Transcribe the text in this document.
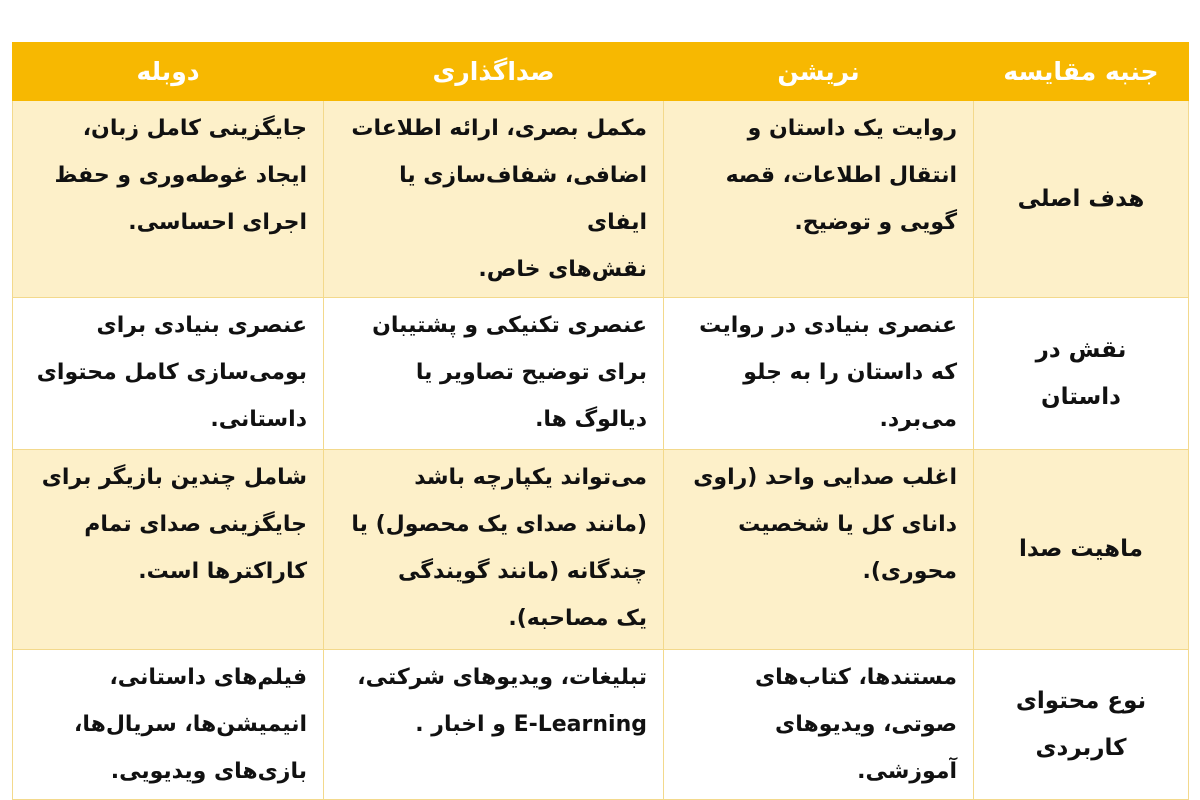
جنبه مقایسه	نریشن	صداگذاری	دوبله

هدف اصلی	روایت یک داستان و
انتقال اطلاعات، قصه
گویی و توضیح.	مکمل بصری، ارائه اطلاعات
اضافی، شفاف‌سازی یا ایفای
نقش‌های خاص.	جایگزینی کامل زبان،
ایجاد غوطه‌وری و حفظ
اجرای احساسی.

نقش در
داستان	عنصری بنیادی در روایت
که داستان را به جلو
می‌برد.	عنصری تکنیکی و پشتیبان
برای توضیح تصاویر یا
دیالوگ ها.	عنصری بنیادی برای
بومی‌سازی کامل محتوای
داستانی.

ماهیت صدا	اغلب صدایی واحد (راوی
دانای کل یا شخصیت
محوری).	می‌تواند یکپارچه باشد
(مانند صدای یک محصول) یا
چندگانه (مانند گویندگی
یک مصاحبه).	شامل چندین بازیگر برای
جایگزینی صدای تمام
کاراکترها است.

نوع محتوای
کاربردی	مستندها، کتاب‌های
صوتی، ویدیوهای
آموزشی.	تبلیغات، ویدیوهای شرکتی،
E-Learning و اخبار .	فیلم‌های داستانی،
انیمیشن‌ها، سریال‌ها،
بازی‌های ویدیویی.
